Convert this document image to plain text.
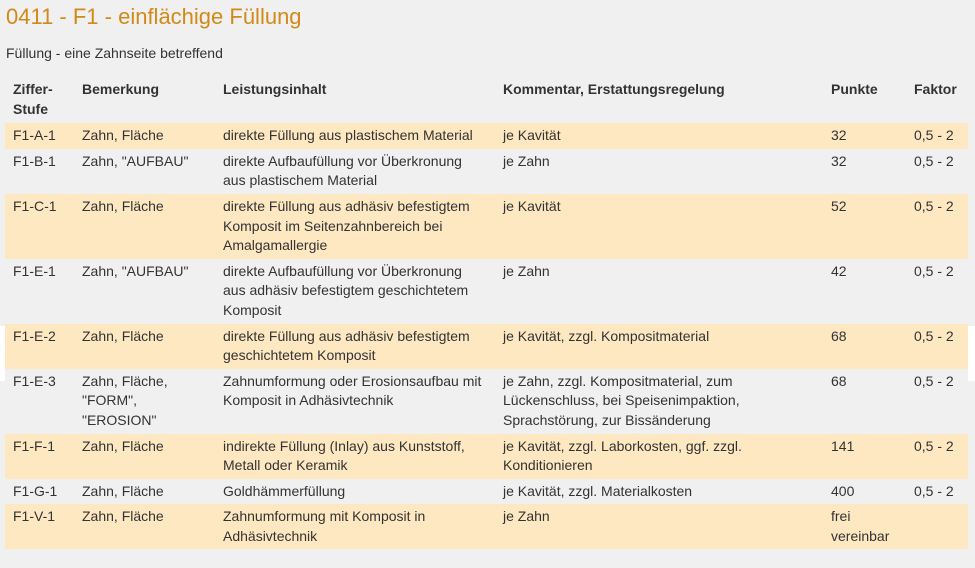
0411 - F1 - einflächige Füllung

Füllung - eine Zahnseite betreffend

Ziffer-
Stufe	Bemerkung	Leistungsinhalt	Kommentar, Erstattungsregelung	Punkte	Faktor
F1-A-1	Zahn, Fläche	direkte Füllung aus plastischem Material	je Kavität	32	0,5 - 2
F1-B-1	Zahn, "AUFBAU"	direkte Aufbaufüllung vor Überkronung
aus plastischem Material	je Zahn	32	0,5 - 2
F1-C-1	Zahn, Fläche	direkte Füllung aus adhäsiv befestigtem
Komposit im Seitenzahnbereich bei
Amalgamallergie	je Kavität	52	0,5 - 2
F1-E-1	Zahn, "AUFBAU"	direkte Aufbaufüllung vor Überkronung
aus adhäsiv befestigtem geschichtetem
Komposit	je Zahn	42	0,5 - 2
F1-E-2	Zahn, Fläche	direkte Füllung aus adhäsiv befestigtem
geschichtetem Komposit	je Kavität, zzgl. Kompositmaterial	68	0,5 - 2
F1-E-3	Zahn, Fläche,
"FORM",
"EROSION"	Zahnumformung oder Erosionsaufbau mit
Komposit in Adhäsivtechnik	je Zahn, zzgl. Kompositmaterial, zum
Lückenschluss, bei Speisenimpaktion,
Sprachstörung, zur Bissänderung	68	0,5 - 2
F1-F-1	Zahn, Fläche	indirekte Füllung (Inlay) aus Kunststoff,
Metall oder Keramik	je Kavität, zzgl. Laborkosten, ggf. zzgl.
Konditionieren	141	0,5 - 2
F1-G-1	Zahn, Fläche	Goldhämmerfüllung	je Kavität, zzgl. Materialkosten	400	0,5 - 2
F1-V-1	Zahn, Fläche	Zahnumformung mit Komposit in
Adhäsivtechnik	je Zahn	frei
vereinbar	
